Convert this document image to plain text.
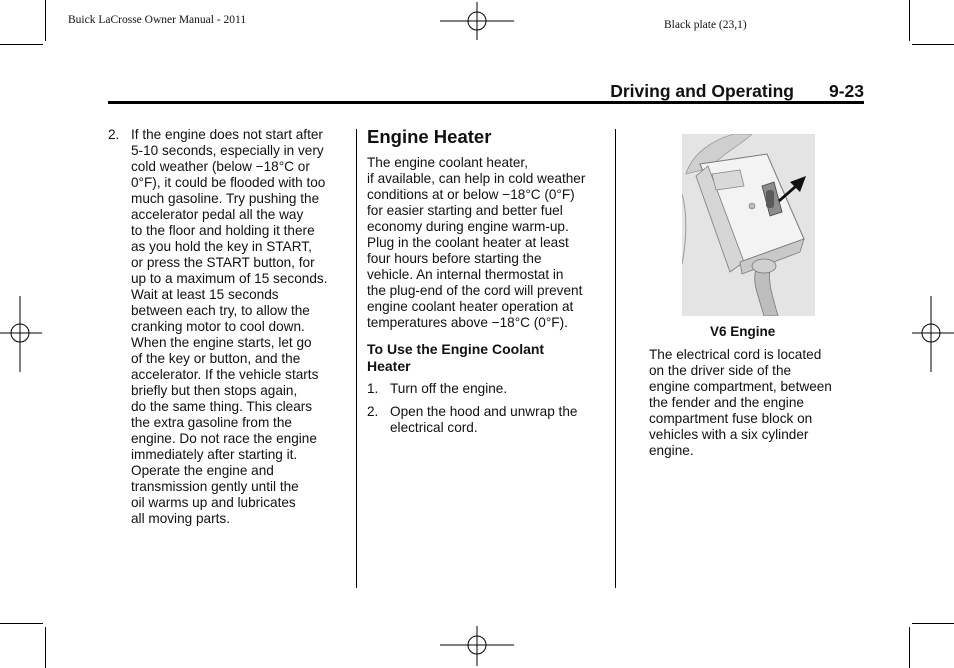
Buick LaCrosse Owner Manual - 2011	Black plate (23,1)
Driving and Operating 9-23
2. If the engine does not start after
5-10 seconds, especially in very
cold weather (below −18°C or
0°F), it could be flooded with too
much gasoline. Try pushing the
accelerator pedal all the way
to the floor and holding it there
as you hold the key in START,
or press the START button, for
up to a maximum of 15 seconds.
Wait at least 15 seconds
between each try, to allow the
cranking motor to cool down.
When the engine starts, let go
of the key or button, and the
accelerator. If the vehicle starts
briefly but then stops again,
do the same thing. This clears
the extra gasoline from the
engine. Do not race the engine
immediately after starting it.
Operate the engine and
transmission gently until the
oil warms up and lubricates
all moving parts.
Engine Heater
The engine coolant heater,
if available, can help in cold weather
conditions at or below −18°C (0°F)
for easier starting and better fuel
economy during engine warm-up.
Plug in the coolant heater at least
four hours before starting the
vehicle. An internal thermostat in
the plug-end of the cord will prevent
engine coolant heater operation at
temperatures above −18°C (0°F).
To Use the Engine Coolant
Heater
1. Turn off the engine.
2. Open the hood and unwrap the
electrical cord.
V6 Engine
The electrical cord is located
on the driver side of the
engine compartment, between
the fender and the engine
compartment fuse block on
vehicles with a six cylinder
engine.
